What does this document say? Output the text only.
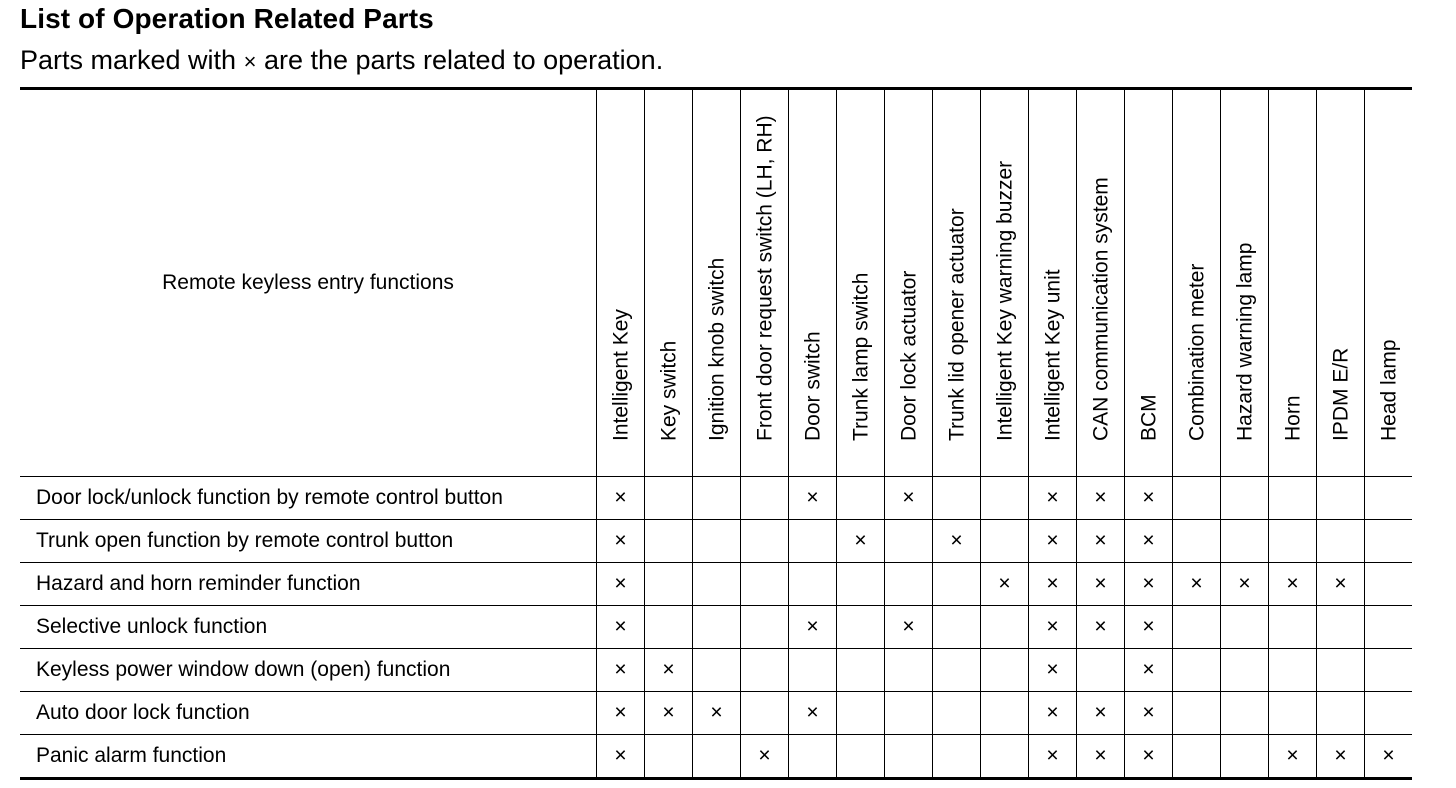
List of Operation Related Parts
Parts marked with × are the parts related to operation.
Remote keyless entry functions	Intelligent Key	Key switch	Ignition knob switch	Front door request switch (LH, RH)	Door switch	Trunk lamp switch	Door lock actuator	Trunk lid opener actuator	Intelligent Key warning buzzer	Intelligent Key unit	CAN communication system	BCM	Combination meter	Hazard warning lamp	Horn	IPDM E/R	Head lamp

Door lock/unlock function by remote control button	×				×		×			×	×	×					
Trunk open function by remote control button	×					×		×		×	×	×					
Hazard and horn reminder function	×								×	×	×	×	×	×	×	×	
Selective unlock function	×				×		×			×	×	×					
Keyless power window down (open) function	×	×								×		×					
Auto door lock function	×	×	×		×					×	×	×					
Panic alarm function	×			×						×	×	×			×	×	×
